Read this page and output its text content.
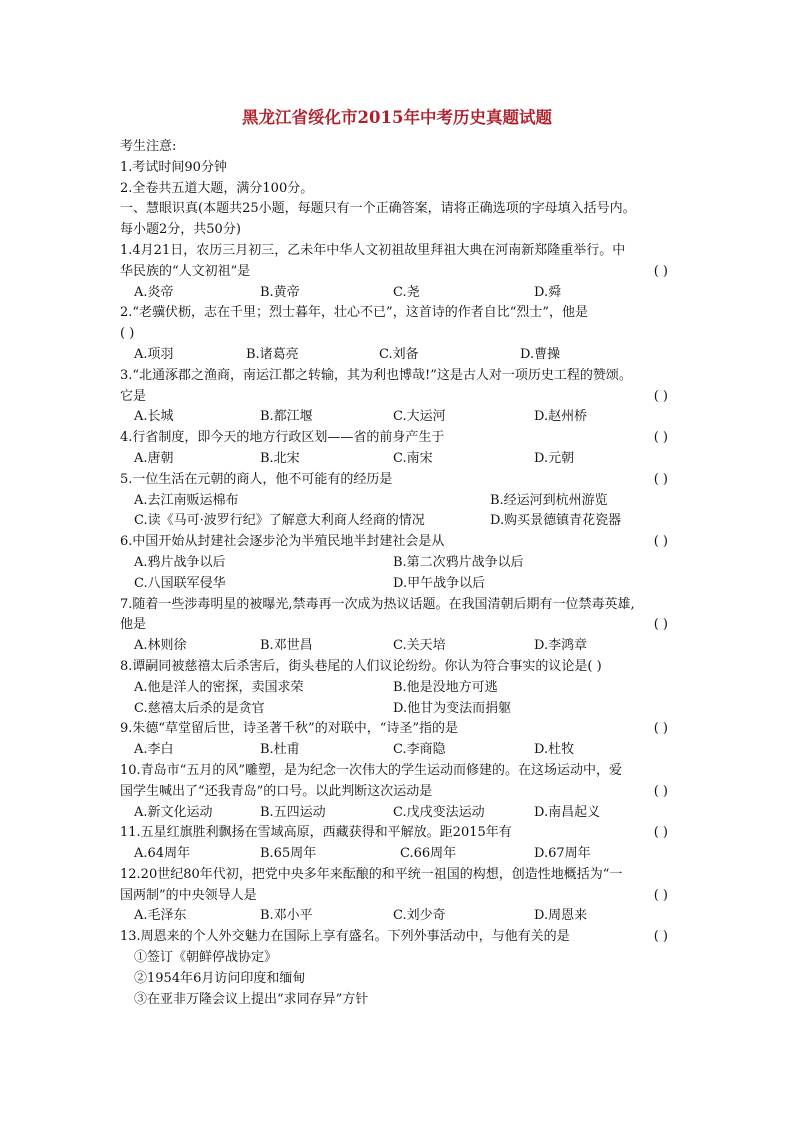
黑龙江省绥化市2015年中考历史真题试题
考生注意:
1.考试时间90分钟
2.全卷共五道大题，满分100分。
一、慧眼识真(本题共25小题，每题只有一个正确答案，请将正确选项的字母填入括号内。
每小题2分，共50分)
1.4月21日，农历三月初三，乙未年中华人文初祖故里拜祖大典在河南新郑隆重举行。中
华民族的“人文初祖”是	( )
A.炎帝	B.黄帝	C.尧	D.舜
2.“老骥伏枥，志在千里；烈士暮年，壮心不已”，这首诗的作者自比“烈士”，他是
( )
A.项羽	B.诸葛亮	C.刘备	D.曹操
3.“北通涿郡之渔商，南运江都之转输，其为利也博哉!”这是古人对一项历史工程的赞颂。
它是	( )
A.长城	B.都江堰	C.大运河	D.赵州桥
4.行省制度，即今天的地方行政区划——省的前身产生于	( )
A.唐朝	B.北宋	C.南宋	D.元朝
5.一位生活在元朝的商人，他不可能有的经历是	( )
A.去江南贩运棉布	B.经运河到杭州游览
C.读《马可·波罗行纪》了解意大利商人经商的情况	D.购买景德镇青花瓷器
6.中国开始从封建社会逐步沦为半殖民地半封建社会是从	( )
A.鸦片战争以后	B.第二次鸦片战争以后
C.八国联军侵华	D.甲午战争以后
7.随着一些涉毒明星的被曝光,禁毒再一次成为热议话题。在我国清朝后期有一位禁毒英雄,
他是	( )
A.林则徐	B.邓世昌	C.关天培	D.李鸿章
8.谭嗣同被慈禧太后杀害后，街头巷尾的人们议论纷纷。你认为符合事实的议论是( )
A.他是洋人的密探，卖国求荣	B.他是没地方可逃
C.慈禧太后杀的是贪官	D.他甘为变法而捐躯
9.朱德“草堂留后世，诗圣著千秋”的对联中，“诗圣”指的是	( )
A.李白	B.杜甫	C.李商隐	D.杜牧
10.青岛市“五月的风”雕塑，是为纪念一次伟大的学生运动而修建的。在这场运动中，爱
国学生喊出了“还我青岛”的口号。以此判断这次运动是	( )
A.新文化运动	B.五四运动	C.戊戌变法运动	D.南昌起义
11.五星红旗胜利飘扬在雪域高原，西藏获得和平解放。距2015年有	( )
A.64周年	B.65周年	C.66周年	D.67周年
12.20世纪80年代初，把党中央多年来酝酿的和平统一祖国的构想，创造性地概括为“一
国两制”的中央领导人是	( )
A.毛泽东	B.邓小平	C.刘少奇	D.周恩来
13.周恩来的个人外交魅力在国际上享有盛名。下列外事活动中，与他有关的是	( )
①签订《朝鲜停战协定》
②1954年6月访问印度和缅甸
③在亚非万隆会议上提出“求同存异”方针
